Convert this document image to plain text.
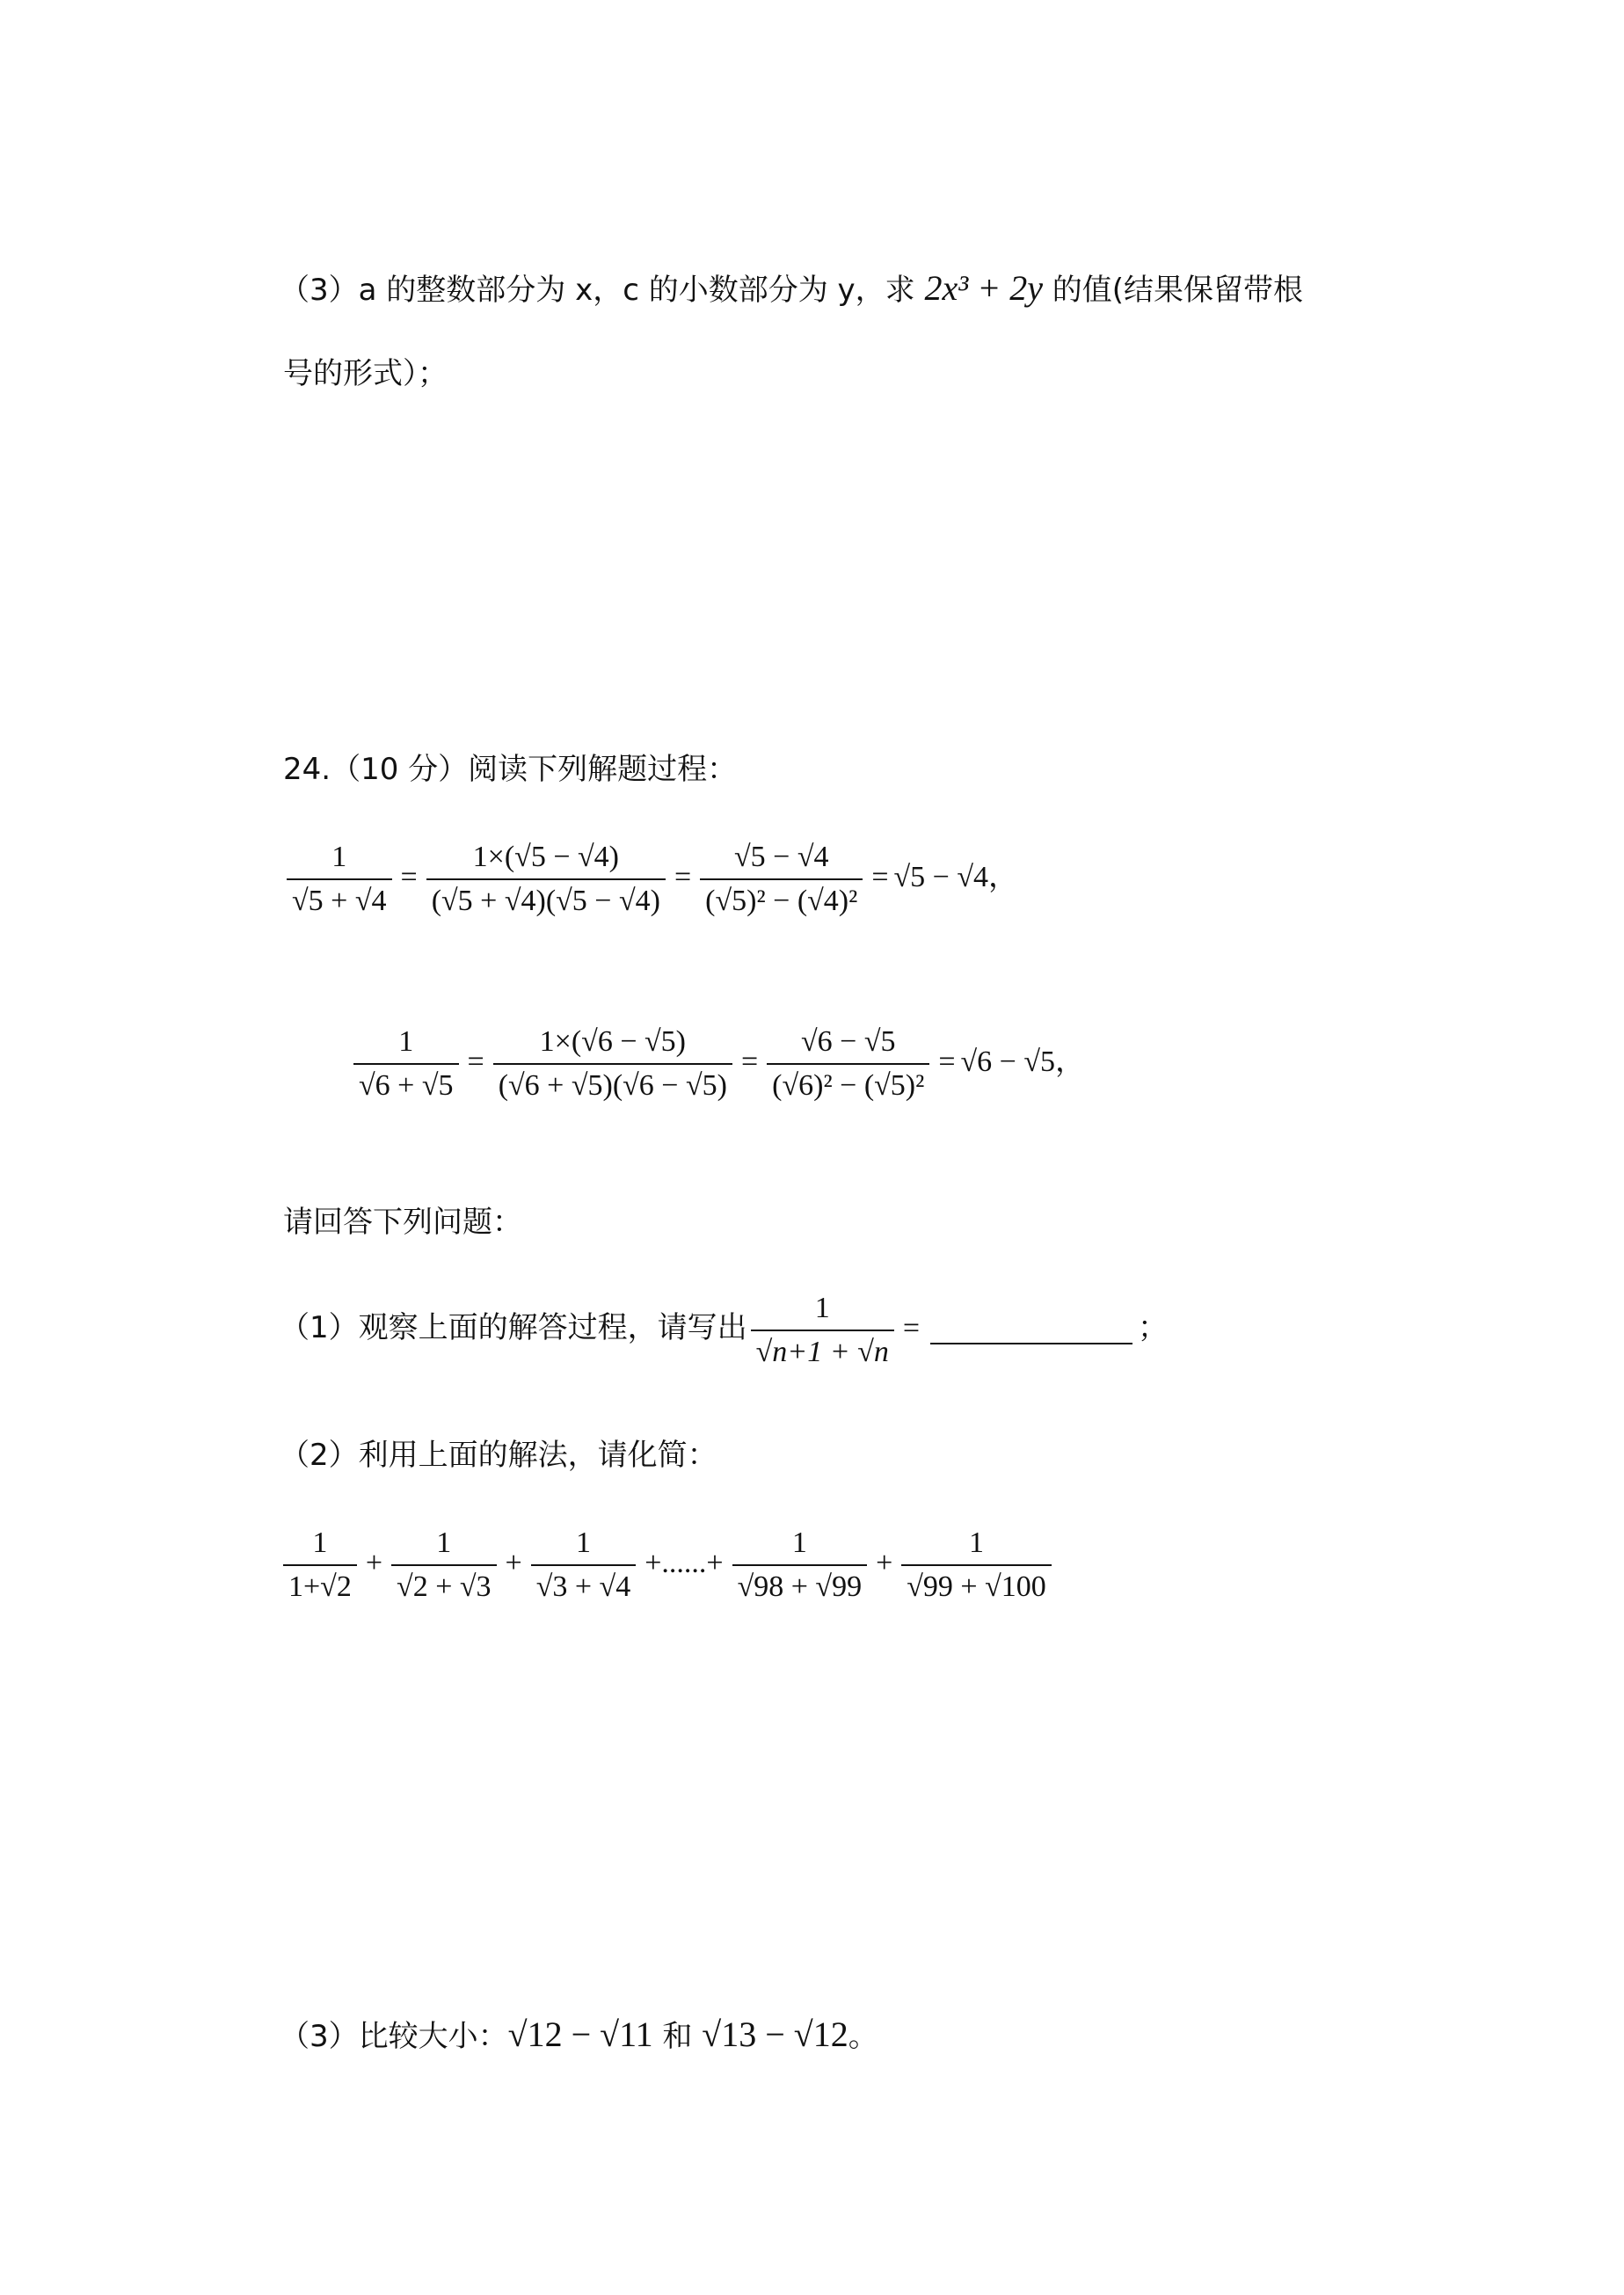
（3）a 的整数部分为 x，c 的小数部分为 y，求 2x³ + 2y 的值(结果保留带根
号的形式）；
24.（10 分）阅读下列解题过程：
$\frac{1}{√5 + √4} = \frac{1\times(√5 - √4)}{(√5 + √4)(√5 - √4)} = \frac{√5 - √4}{\text{(√5)² − (√4)²}} = √5 - √4$，
$\frac{1}{√6 + √5} = \frac{1\times(√6 - √5)}{(√6 + √5)(√6 - √5)} = \frac{√6 - √5}{\text{(√6)² − (√5)²}} = √6 - √5$，
请回答下列问题：
（1）观察上面的解答过程，请写出 $\frac{1}{√n+1 + √n}$ =	；
（2）利用上面的解法，请化简：
$\frac{1}{1+√2} + \frac{1}{√2 + √3} + \frac{1}{√3 + √4}$ +......+ $\frac{1}{√98 + √99} + \frac{1}{√99 + √100}$
（3）比较大小：√12 − √11 和 √13 − √12。
